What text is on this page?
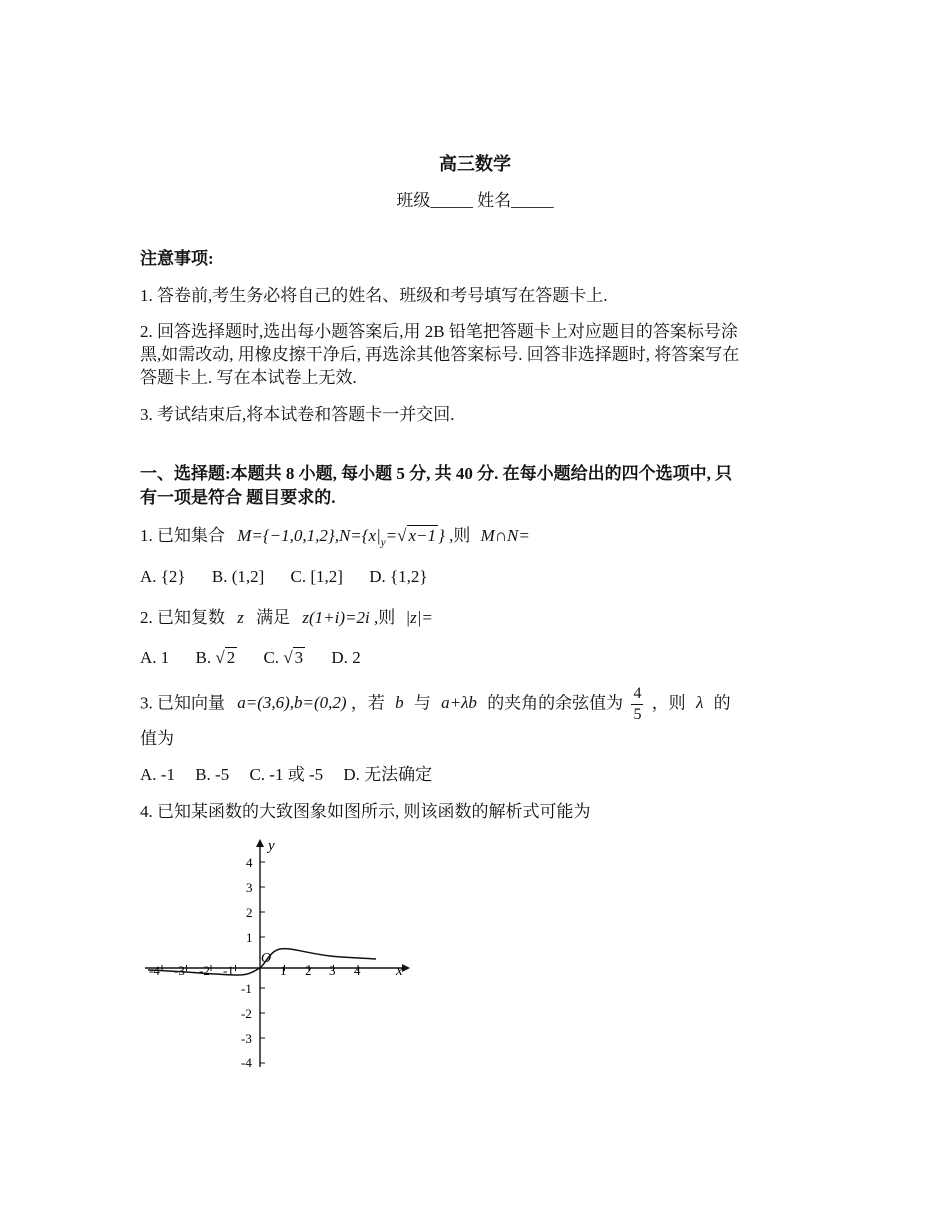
高三数学
班级_____ 姓名_____
注意事项:
1. 答卷前,考生务必将自己的姓名、班级和考号填写在答题卡上.
2. 回答选择题时,选出每小题答案后,用 2B 铅笔把答题卡上对应题目的答案标号涂
黑,如需改动, 用橡皮擦干净后, 再选涂其他答案标号. 回答非选择题时, 将答案写在
答题卡上. 写在本试卷上无效.
3. 考试结束后,将本试卷和答题卡一并交回.
一、选择题:本题共 8 小题, 每小题 5 分, 共 40 分. 在每小题给出的四个选项中, 只
有一项是符合 题目要求的.
1. 已知集合 $M=\{-1,0,1,2\},N=\{x|_y=√$ x−1 } ,则 M∩N=
A. {2} B. (1,2] C. [1,2] D. {1,2}
2. 已知复数 z 满足 z(1+i)=2i ,则 |z|=
A. 1 B. √ 2 C. √ 3 D. 2
3. 已知向量 a=(3,6),b=(0,2) ，若 b 与 a+λb 的夹角的余弦值为 $\frac{4}{5}$ ，则 λ 的
值为
A. -1 B. -5 C. -1 或 -5 D. 无法确定
4. 已知某函数的大致图象如图所示, 则该函数的解析式可能为
x
y
O
-4 -3 -2 -1	1 2 3 4
4
3
2
1
-1
-2
-3
-4
